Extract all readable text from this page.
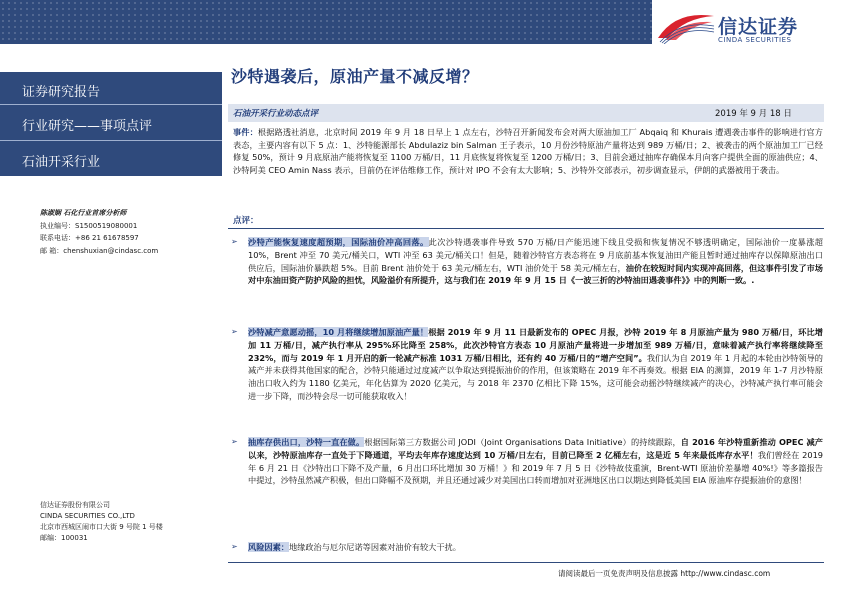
信达证券
CINDA SECURITIES
证券研究报告
行业研究——事项点评
石油开采行业
陈淑娴 石化行业首席分析师
执业编号：S1500519080001
联系电话：+86 21 61678597
邮 箱：chenshuxian@cindasc.com
信达证券股份有限公司
CINDA SECURITIES CO.,LTD
北京市西城区闹市口大街 9 号院 1 号楼
邮编：100031
沙特遇袭后，原油产量不减反增？
石油开采行业动态点评	2019 年 9 月 18 日
事件：根据路透社消息，北京时间 2019 年 9 月 18 日早上 1 点左右，沙特召开新闻发布会对两大原油加工厂 Abqaiq 和 Khurais 遭遇袭击事件的影响进行官方表态，主要内容有以下 5 点：1、沙特能源部长 Abdulaziz bin Salman 王子表示，10 月份沙特原油产量将达到 989 万桶/日；2、被袭击的两个原油加工厂已经修复 50%，预计 9 月底原油产能将恢复至 1100 万桶/日，11 月底恢复将恢复至 1200 万桶/日；3、目前会通过抽库存确保本月向客户提供全面的原油供应；4、沙特阿美 CEO Amin Nass 表示，目前仍在评估维修工作，预计对 IPO 不会有太大影响；5、沙特外交部表示，初步调查显示，伊朗的武器被用于袭击。
点评：
➢ 沙特产能恢复速度超预期，国际油价冲高回落。此次沙特遇袭事件导致 570 万桶/日产能迅速下线且受损和恢复情况不够透明确定，国际油价一度暴涨超 10%，Brent 冲至 70 美元/桶关口，WTI 冲至 63 美元/桶关口！但是，随着沙特官方表态将在 9 月底前基本恢复油田产能且暂时通过抽库存以保障原油出口供应后，国际油价暴跌超 5%。目前 Brent 油价处于 63 美元/桶左右，WTI 油价处于 58 美元/桶左右，油价在较短时间内实现冲高回落，但这事件引发了市场对中东油田资产防护风险的担忧，风险溢价有所提升，这与我们在 2019 年 9 月 15 日《一波三折的沙特油田遇袭事件》》中的判断一致。.
➢ 沙特减产意愿动摇，10 月将继续增加原油产量！根据 2019 年 9 月 11 日最新发布的 OPEC 月报，沙特 2019 年 8 月原油产量为 980 万桶/日，环比增加 11 万桶/日，减产执行率从 295%环比降至 258%，此次沙特官方表态 10 月原油产量将进一步增加至 989 万桶/日，意味着减产执行率将继续降至 232%，而与 2019 年 1 月开启的新一轮减产标准 1031 万桶/日相比，还有约 40 万桶/日的“增产空间”。我们认为自 2019 年 1 月起的本轮由沙特领导的减产并未获得其他国家的配合，沙特只能通过过度减产以争取达到提振油价的作用，但该策略在 2019 年不再奏效。根据 EIA 的测算，2019 年 1-7 月沙特原油出口收入约为 1180 亿美元，年化估算为 2020 亿美元，与 2018 年 2370 亿相比下降 15%，这可能会动摇沙特继续减产的决心，沙特减产执行率可能会进一步下降，而沙特会尽一切可能获取收入！
➢ 抽库存供出口，沙特一直在做。根据国际第三方数据公司 JODI（Joint Organisations Data Initiative）的持续跟踪，自 2016 年沙特重新推动 OPEC 减产以来，沙特原油库存一直处于下降通道，平均去年库存速度达到 10 万桶/日左右，目前已降至 2 亿桶左右，这是近 5 年来最低库存水平！我们曾经在 2019 年 6 月 21 日《沙特出口下降不及产量，6 月出口环比增加 30 万桶！》和 2019 年 7 月 5 日《沙特故伎重演，Brent-WTI 原油价差暴增 40%!》等多篇报告中提过，沙特虽然减产积极，但出口降幅不及预期，并且还通过减少对美国出口转而增加对亚洲地区出口以期达到降低美国 EIA 原油库存提振油价的意图！
➢ 风险因素：地缘政治与厄尔尼诺等因素对油价有较大干扰。
请阅读最后一页免责声明及信息披露 http://www.cindasc.com
